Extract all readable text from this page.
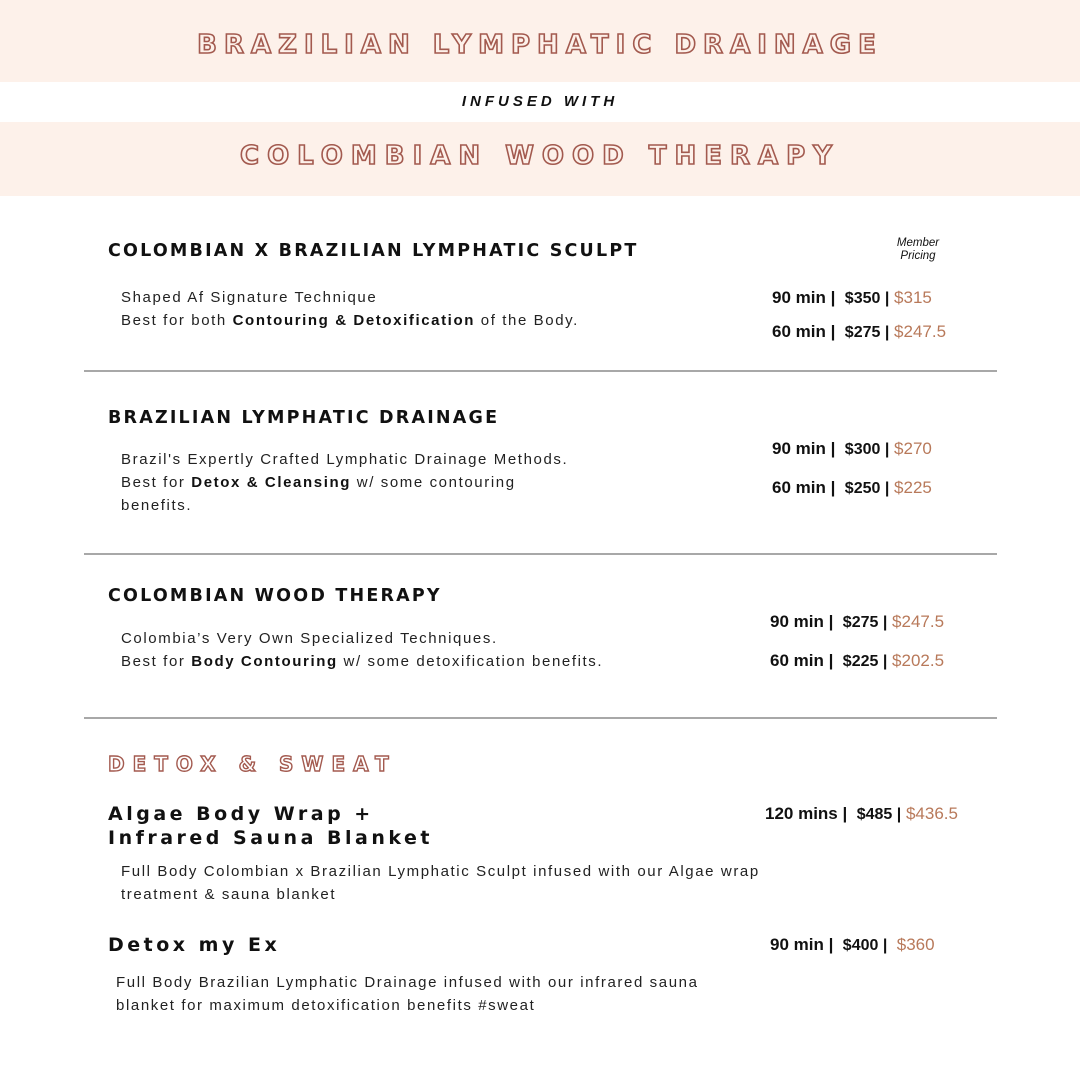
BRAZILIAN LYMPHATIC DRAINAGE
INFUSED WITH
COLOMBIAN WOOD THERAPY
Member
Pricing
COLOMBIAN X BRAZILIAN LYMPHATIC SCULPT

Shaped Af Signature Technique

Best for both Contouring & Detoxification of the Body.

90 min | $350 | $315
60 min | $275 | $247.5
BRAZILIAN LYMPHATIC DRAINAGE

Brazil's Expertly Crafted Lymphatic Drainage Methods.

Best for Detox & Cleansing w/ some contouring

benefits.

90 min | $300 | $270
60 min | $250 | $225
COLOMBIAN WOOD THERAPY

Colombia’s Very Own Specialized Techniques.

Best for Body Contouring w/ some detoxification benefits.

90 min | $275 | $247.5
60 min | $225 | $202.5
DETOX & SWEAT
Algae Body Wrap +
Infrared Sauna Blanket
120 mins | $485 | $436.5

Full Body Colombian x Brazilian Lymphatic Sculpt infused with our Algae wrap

treatment & sauna blanket

Detox my Ex	90 min | $400 | $360

Full Body Brazilian Lymphatic Drainage infused with our infrared sauna

blanket for maximum detoxification benefits #sweat
